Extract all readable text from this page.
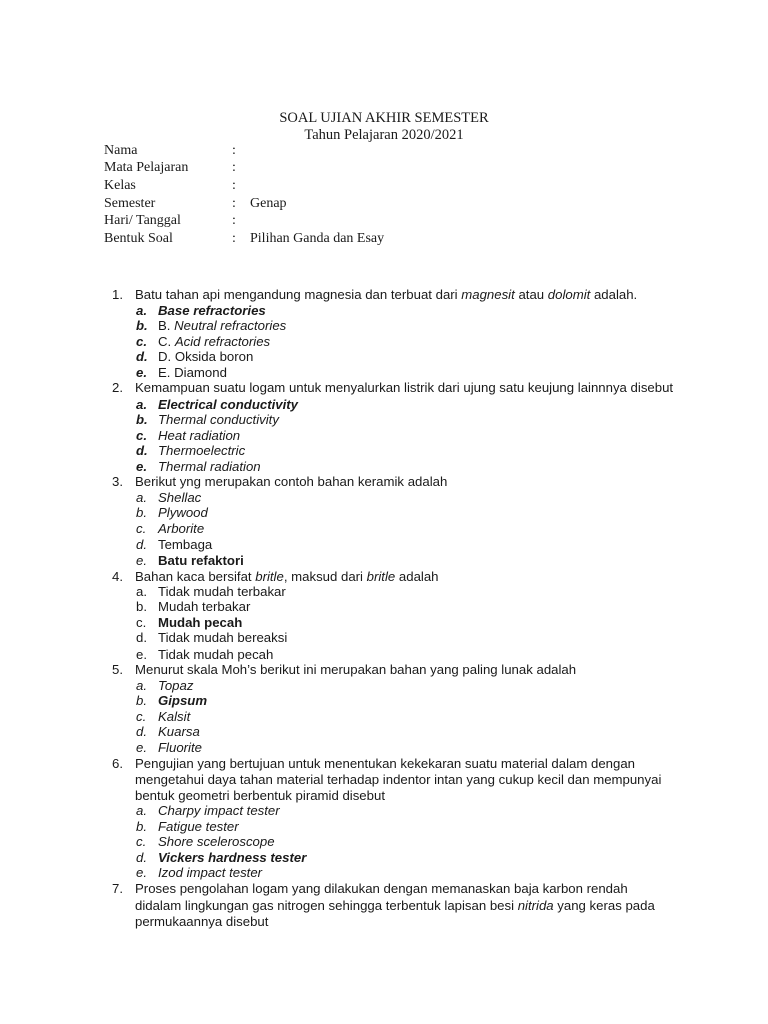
SOAL UJIAN AKHIR SEMESTER
Tahun Pelajaran 2020/2021
Nama	:
Mata Pelajaran	:
Kelas	:
Semester	: Genap
Hari/ Tanggal	:
Bentuk Soal	: Pilihan Ganda dan Esay
1. Batu tahan api mengandung magnesia dan terbuat dari magnesit atau dolomit adalah.
a. Base refractories
b. B. Neutral refractories
c. C. Acid refractories
d. D. Oksida boron
e. E. Diamond
2. Kemampuan suatu logam untuk menyalurkan listrik dari ujung satu keujung lainnnya disebut
a. Electrical conductivity
b. Thermal conductivity
c. Heat radiation
d. Thermoelectric
e. Thermal radiation
3. Berikut yng merupakan contoh bahan keramik adalah
a. Shellac
b. Plywood
c. Arborite
d. Tembaga
e. Batu refaktori
4. Bahan kaca bersifat britle, maksud dari britle adalah
a. Tidak mudah terbakar
b. Mudah terbakar
c. Mudah pecah
d. Tidak mudah bereaksi
e. Tidak mudah pecah
5. Menurut skala Moh’s berikut ini merupakan bahan yang paling lunak adalah
a. Topaz
b. Gipsum
c. Kalsit
d. Kuarsa
e. Fluorite
6. Pengujian yang bertujuan untuk menentukan kekekaran suatu material dalam dengan
mengetahui daya tahan material terhadap indentor intan yang cukup kecil dan mempunyai
bentuk geometri berbentuk piramid disebut
a. Charpy impact tester
b. Fatigue tester
c. Shore sceleroscope
d. Vickers hardness tester
e. Izod impact tester
7. Proses pengolahan logam yang dilakukan dengan memanaskan baja karbon rendah
didalam lingkungan gas nitrogen sehingga terbentuk lapisan besi nitrida yang keras pada
permukaannya disebut
